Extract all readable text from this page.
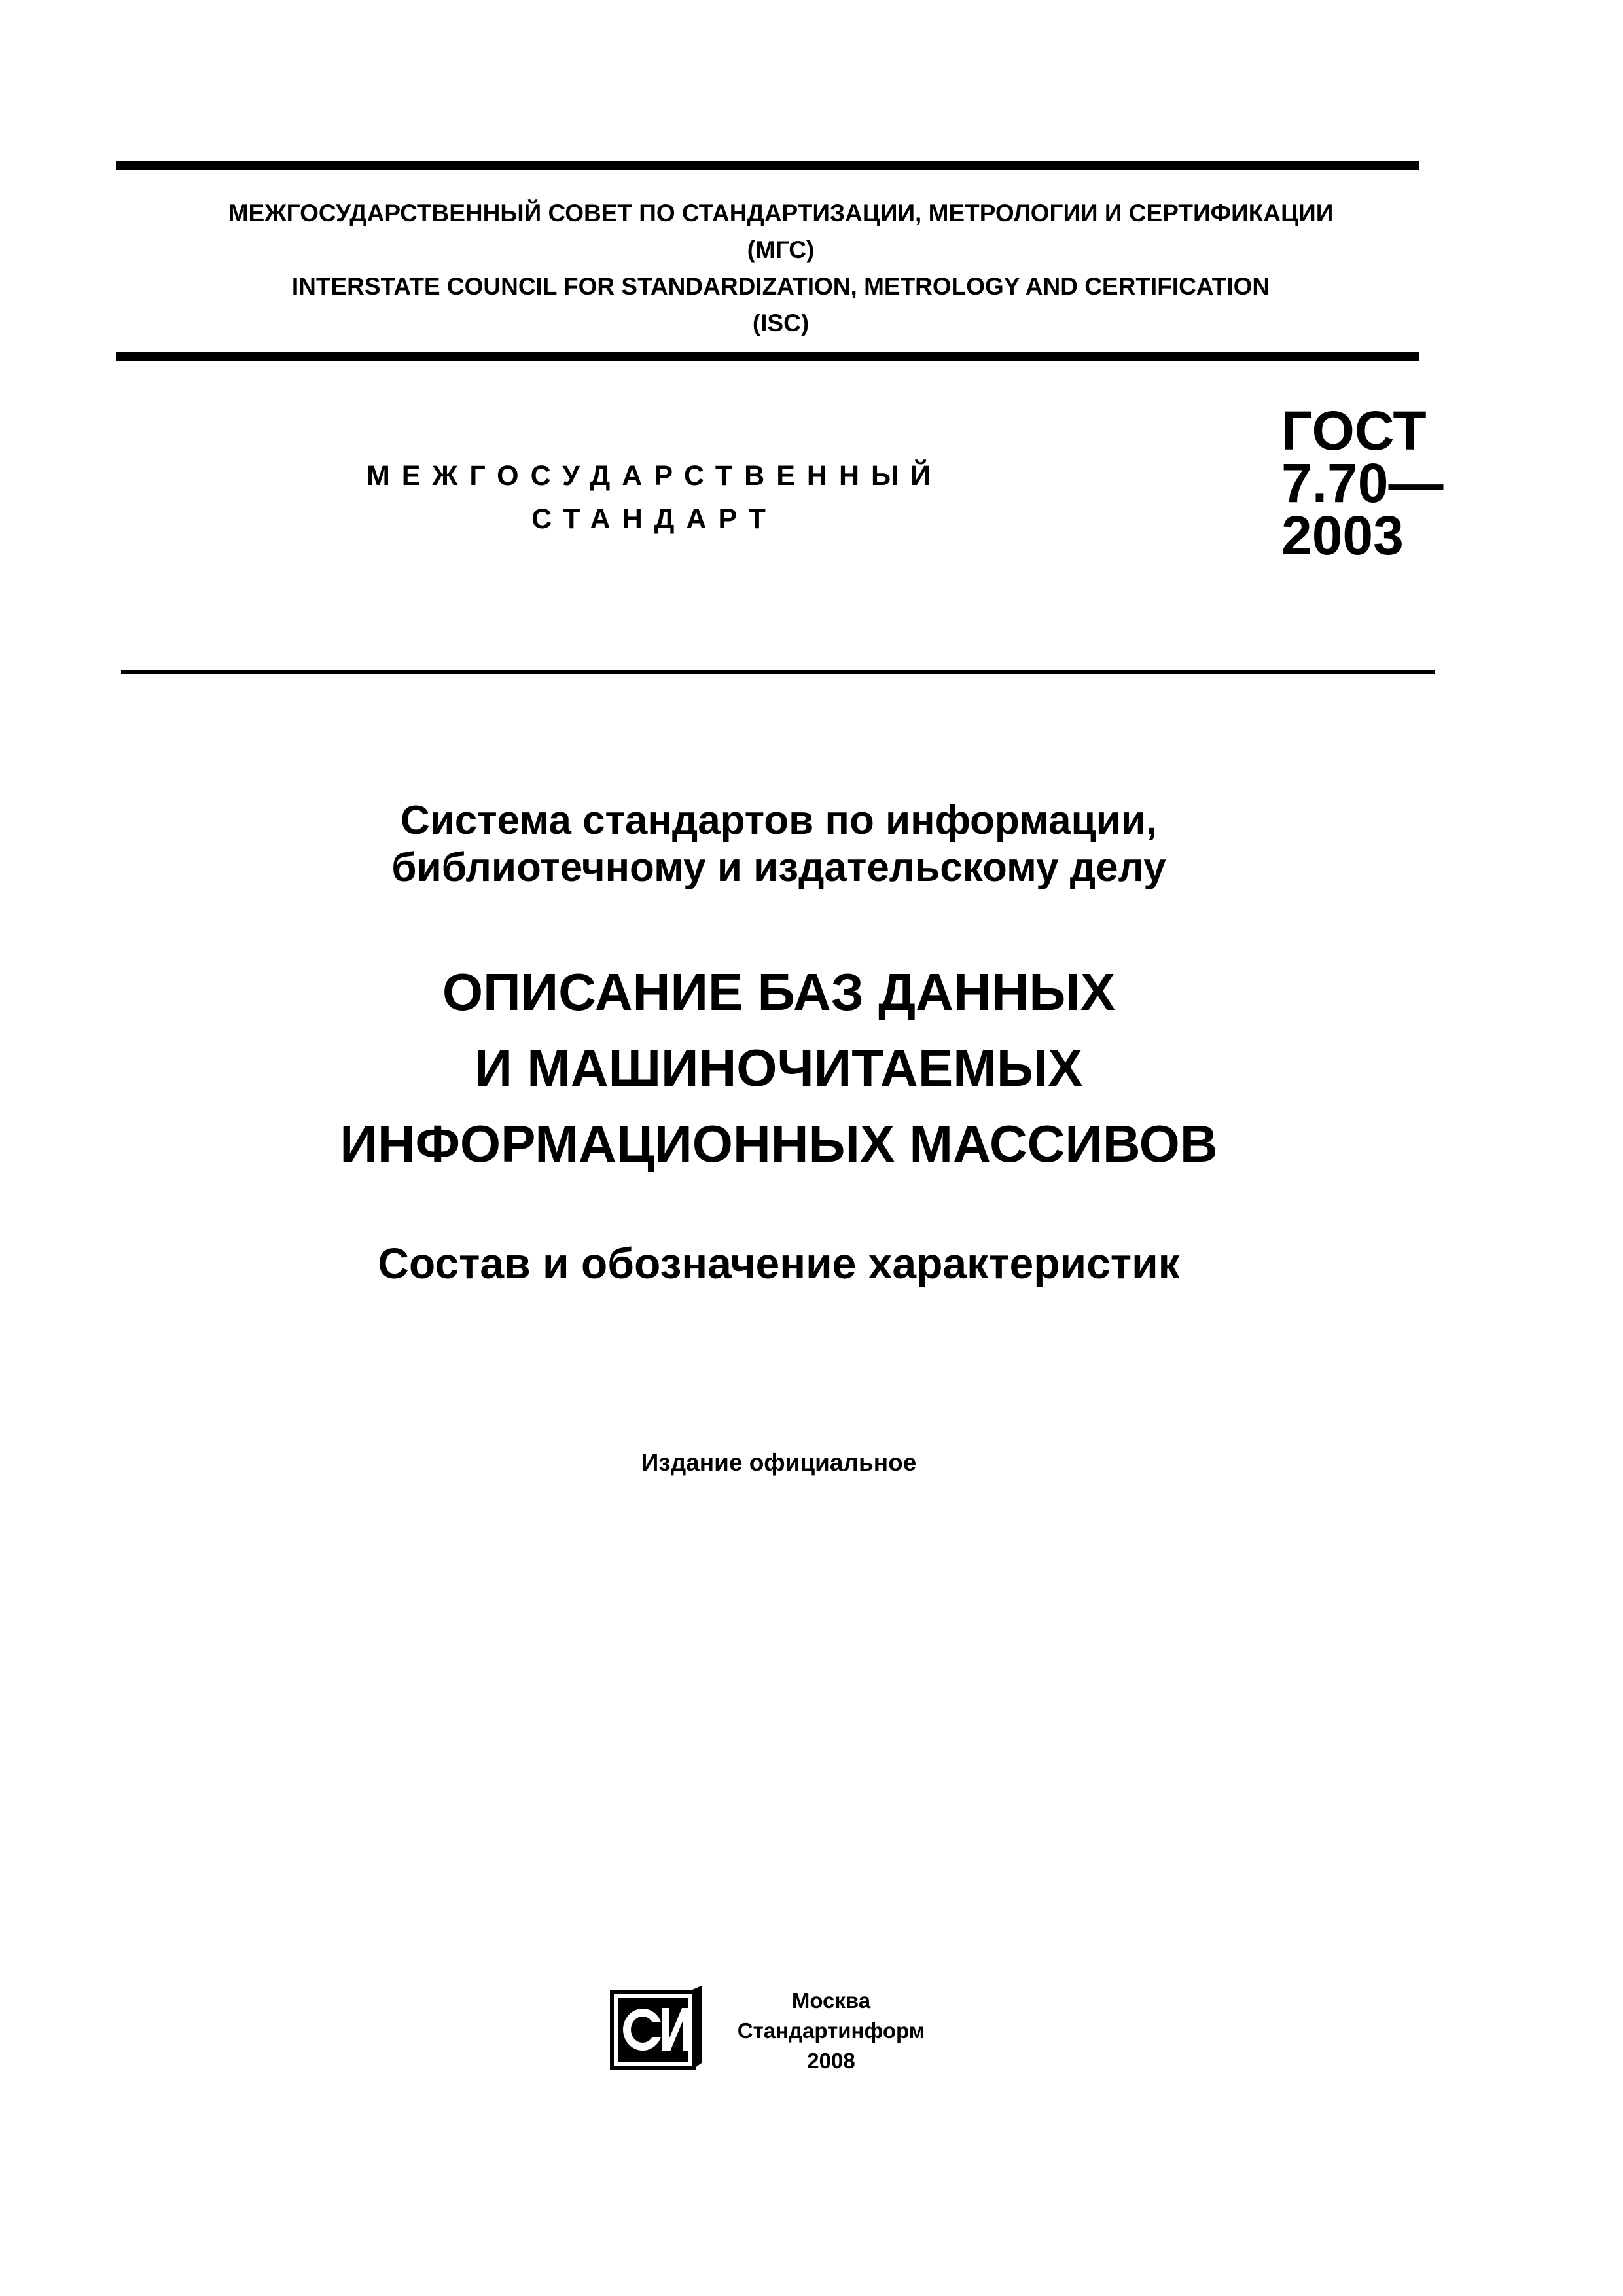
МЕЖГОСУДАРСТВЕННЫЙ СОВЕТ ПО СТАНДАРТИЗАЦИИ, МЕТРОЛОГИИ И СЕРТИФИКАЦИИ
(МГС)
INTERSTATE COUNCIL FOR STANDARDIZATION, METROLOGY AND CERTIFICATION
(ISC)
МЕЖГОСУДАРСТВЕННЫЙ
СТАНДАРТ
ГОСТ
7.70—
2003
Система стандартов по информации,
библиотечному и издательскому делу
ОПИСАНИЕ БАЗ ДАННЫХ
И МАШИНОЧИТАЕМЫХ
ИНФОРМАЦИОННЫХ МАССИВОВ
Состав и обозначение характеристик
Издание официальное
Москва
Стандартинформ
2008
